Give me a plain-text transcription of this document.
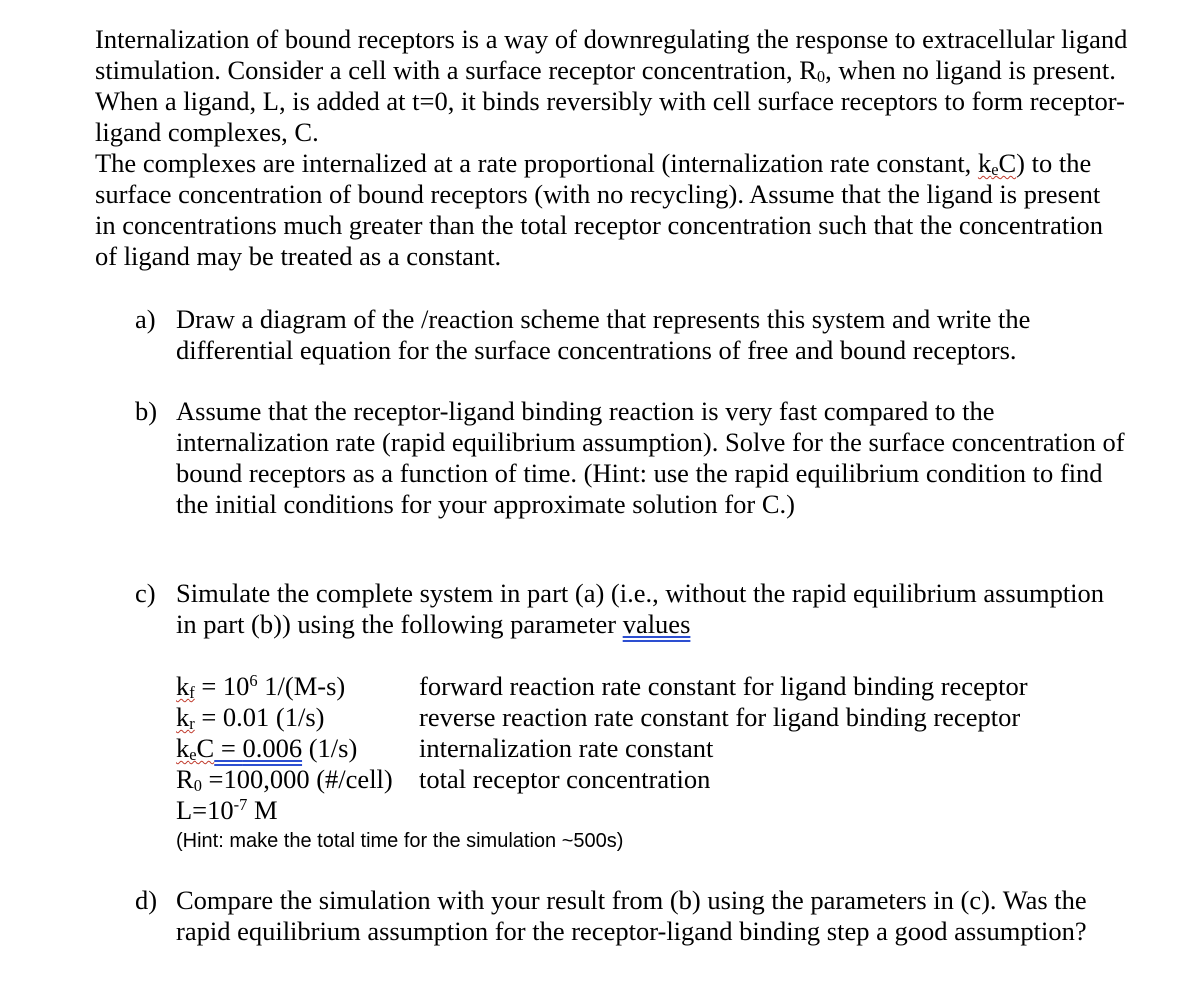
Internalization of bound receptors is a way of downregulating the response to extracellular ligand

stimulation. Consider a cell with a surface receptor concentration, R0, when no ligand is present.

When a ligand, L, is added at t=0, it binds reversibly with cell surface receptors to form receptor-

ligand complexes, C.

The complexes are internalized at a rate proportional (internalization rate constant, keC) to the

surface concentration of bound receptors (with no recycling). Assume that the ligand is present

in concentrations much greater than the total receptor concentration such that the concentration

of ligand may be treated as a constant.

a) Draw a diagram of the /reaction scheme that represents this system and write the

differential equation for the surface concentrations of free and bound receptors.

b) Assume that the receptor-ligand binding reaction is very fast compared to the

internalization rate (rapid equilibrium assumption). Solve for the surface concentration of

bound receptors as a function of time. (Hint: use the rapid equilibrium condition to find

the initial conditions for your approximate solution for C.)

c) Simulate the complete system in part (a) (i.e., without the rapid equilibrium assumption

in part (b)) using the following parameter values

kf = $10^6$ 1/(M-s)	forward reaction rate constant for ligand binding receptor
kr = 0.01 (1/s)	reverse reaction rate constant for ligand binding receptor
keC = 0.006 (1/s) internalization rate constant
R0 =100,000 (#/cell) total receptor concentration
$L=10^{-7}$ M
(Hint: make the total time for the simulation ~500s)
d) Compare the simulation with your result from (b) using the parameters in (c). Was the

rapid equilibrium assumption for the receptor-ligand binding step a good assumption?
